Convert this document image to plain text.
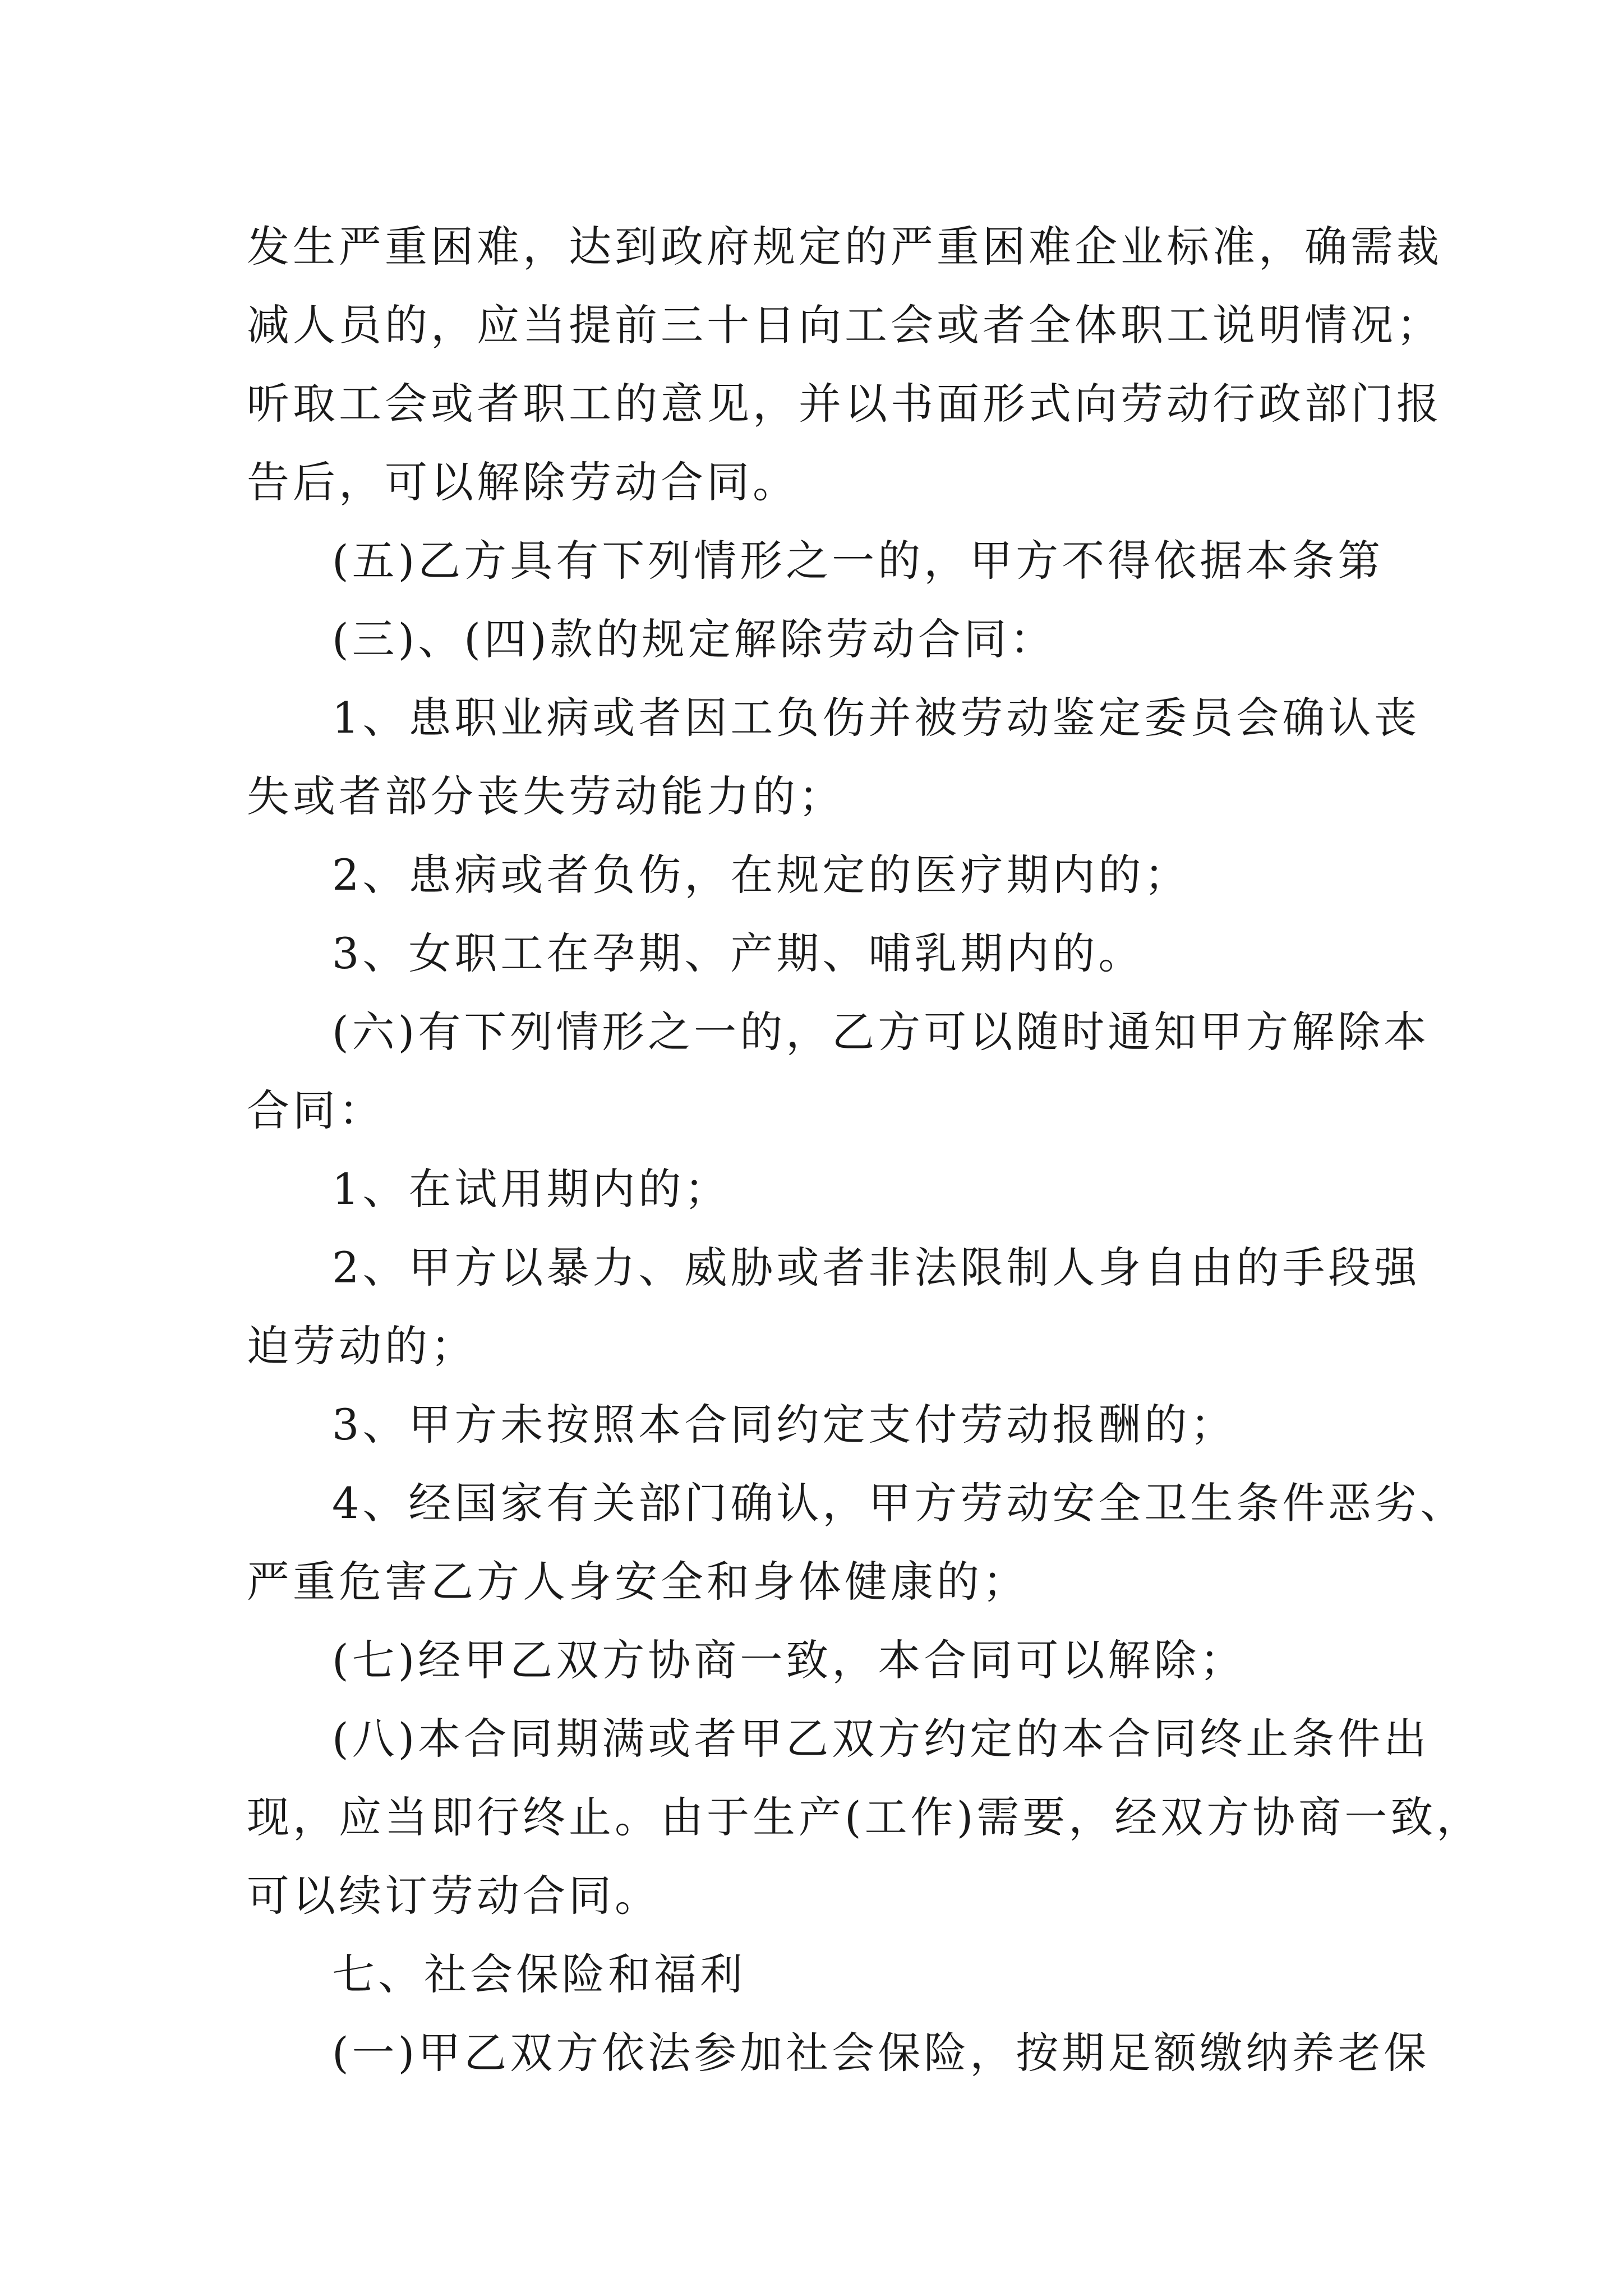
发生严重困难，达到政府规定的严重困难企业标准，确需裁
减人员的，应当提前三十日向工会或者全体职工说明情况；
听取工会或者职工的意见，并以书面形式向劳动行政部门报
告后，可以解除劳动合同。
(五)乙方具有下列情形之一的，甲方不得依据本条第
(三)、(四)款的规定解除劳动合同：
1、患职业病或者因工负伤并被劳动鉴定委员会确认丧
失或者部分丧失劳动能力的；
2、患病或者负伤，在规定的医疗期内的；
3、女职工在孕期、产期、哺乳期内的。
(六)有下列情形之一的，乙方可以随时通知甲方解除本
合同：
1、在试用期内的；
2、甲方以暴力、威胁或者非法限制人身自由的手段强
迫劳动的；
3、甲方未按照本合同约定支付劳动报酬的；
4、经国家有关部门确认，甲方劳动安全卫生条件恶劣、
严重危害乙方人身安全和身体健康的；
(七)经甲乙双方协商一致，本合同可以解除；
(八)本合同期满或者甲乙双方约定的本合同终止条件出
现，应当即行终止。由于生产(工作)需要，经双方协商一致，
可以续订劳动合同。
七、社会保险和福利
(一)甲乙双方依法参加社会保险，按期足额缴纳养老保
